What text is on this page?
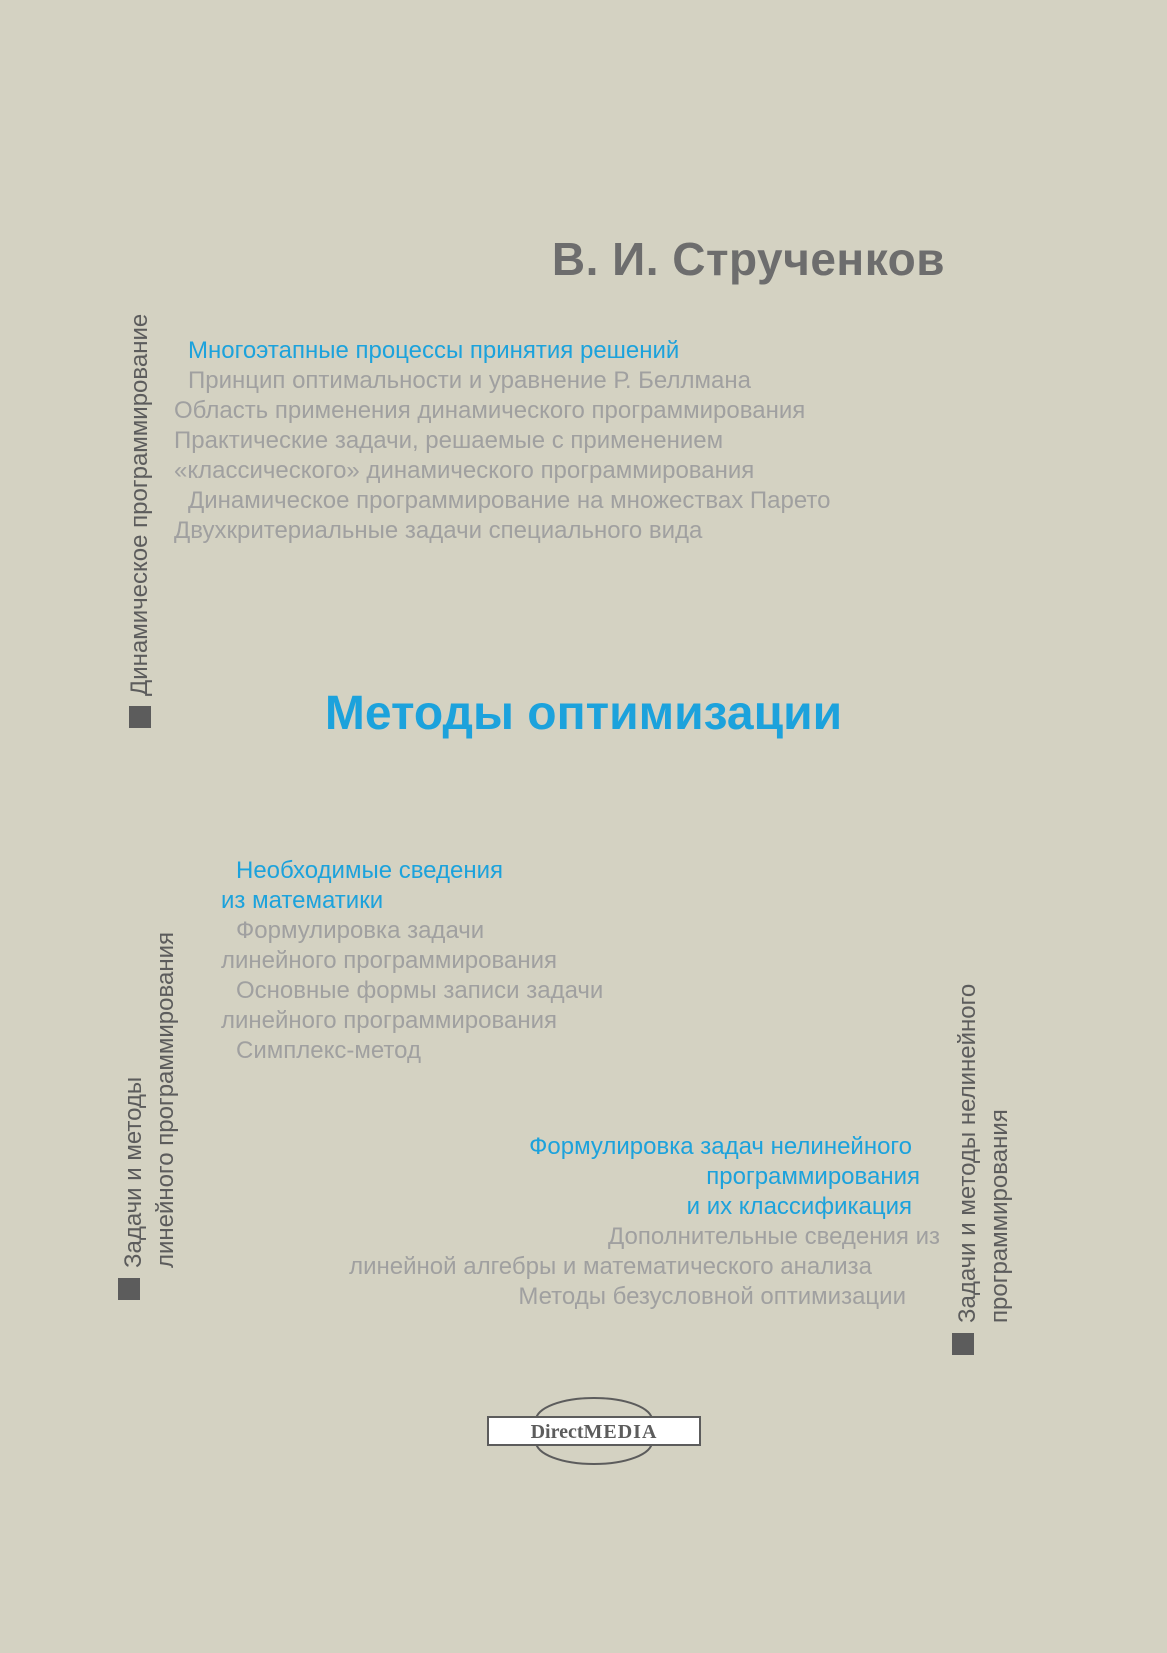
В. И. Струченков
Многоэтапные процессы принятия решений
Принцип оптимальности и уравнение Р. Беллмана
Область применения динамического программирования
Практические задачи, решаемые с применением
«классического» динамического программирования
Динамическое программирование на множествах Парето
Двухкритериальные задачи специального вида
Методы оптимизации
Необходимые сведения
из математики
Формулировка задачи
линейного программирования
Основные формы записи задачи
линейного программирования
Симплекс-метод
Формулировка задач нелинейного
программирования
и их классификация
Дополнительные сведения из
линейной алгебры и математического анализа
Методы безусловной оптимизации
Динамическое программирование
Задачи и методы линейного программирования	Задачи и методы нелинейного программирования
DirectMEDIA
